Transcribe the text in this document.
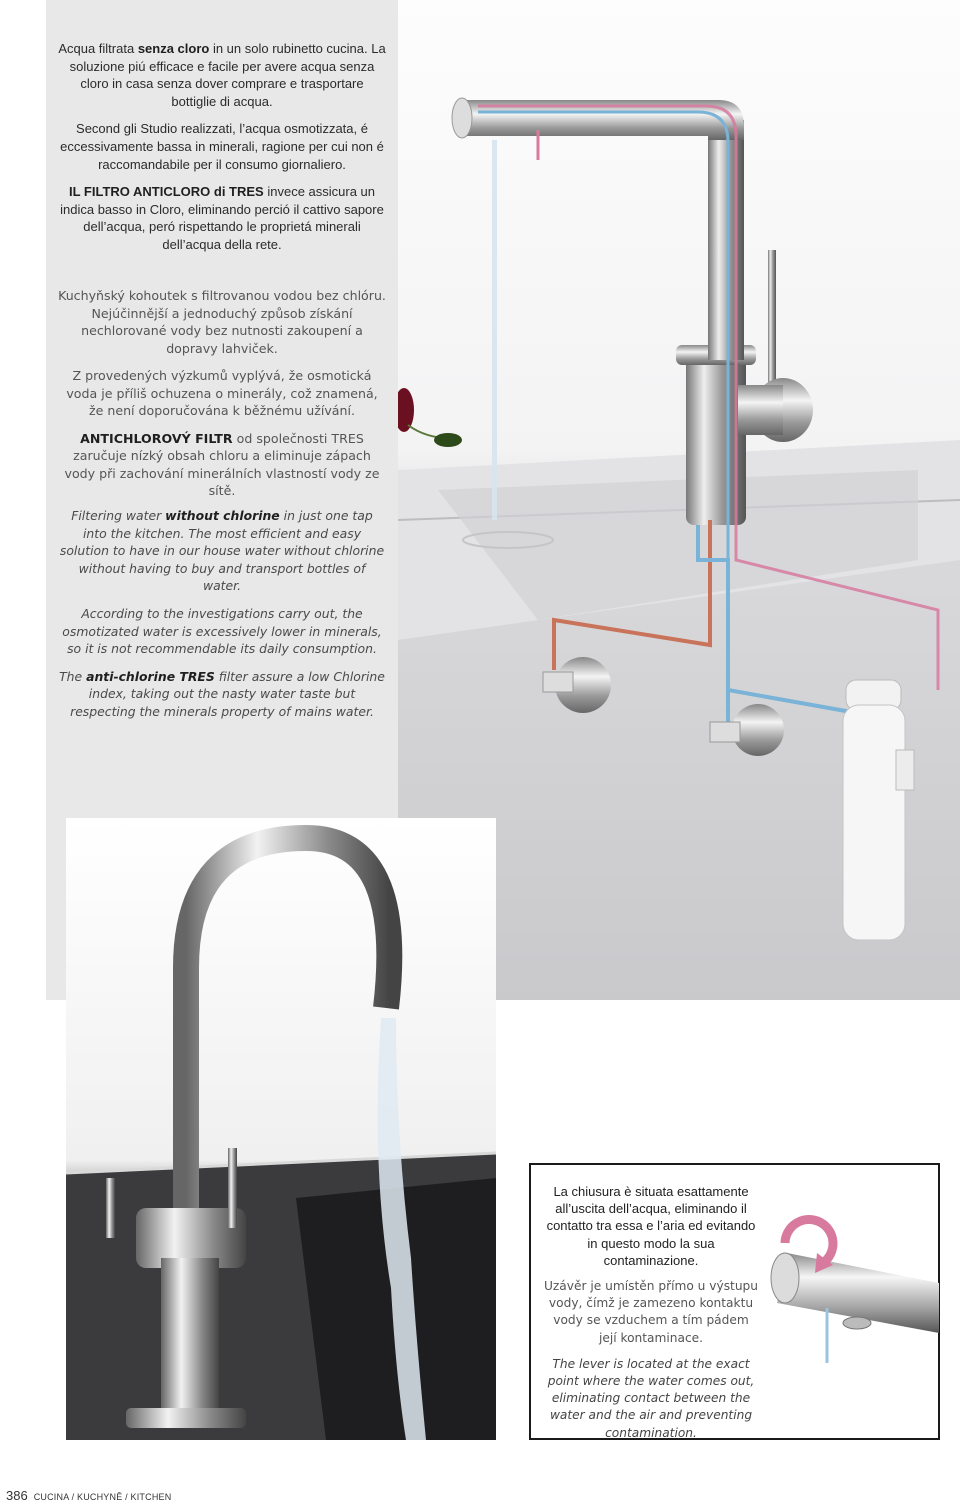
Acqua filtrata senza cloro in un solo rubinetto cucina. La soluzione piú efficace e facile per avere acqua senza cloro in casa senza dover comprare e trasportare bottiglie di acqua.

Second gli Studio realizzati, l’acqua osmotizzata, é eccessivamente bassa in minerali, ragione per cui non é raccomandabile per il consumo giornaliero.

IL FILTRO ANTICLORO di TRES invece assicura un indica basso in Cloro, eliminando perció il cattivo sapore dell’acqua, peró rispettando le proprietá minerali dell’acqua della rete.

Kuchyňský kohoutek s filtrovanou vodou bez chlóru. Nejúčinnější a jednoduchý způsob získání nechlorované vody bez nutnosti zakoupení a dopravy lahviček.

Z provedených výzkumů vyplývá, že osmotická voda je příliš ochuzena o minerály, což znamená, že není doporučována k běžnému užívání.

ANTICHLOROVÝ FILTR od společnosti TRES zaručuje nízký obsah chloru a eliminuje zápach vody při zachování minerálních vlastností vody ze sítě.

Filtering water without chlorine in just one tap into the kitchen. The most efficient and easy solution to have in our house water without chlorine without having to buy and transport bottles of water.

According to the investigations carry out, the osmotizated water is excessively lower in minerals, so it is not recommendable its daily consumption.

The anti-chlorine TRES filter assure a low Chlorine index, taking out the nasty water taste but respecting the minerals property of mains water.

La chiusura è situata esattamente all’uscita dell’acqua, eliminando il contatto tra essa e l’aria ed evitando in questo modo la sua contaminazione.

Uzávěr je umístěn přímo u výstupu vody, čímž je zamezeno kontaktu vody se vzduchem a tím pádem její kontaminace.

The lever is located at the exact point where the water comes out, eliminating contact between the water and the air and preventing contamination.

386 CUCINA / KUCHYNĚ / KITCHEN
